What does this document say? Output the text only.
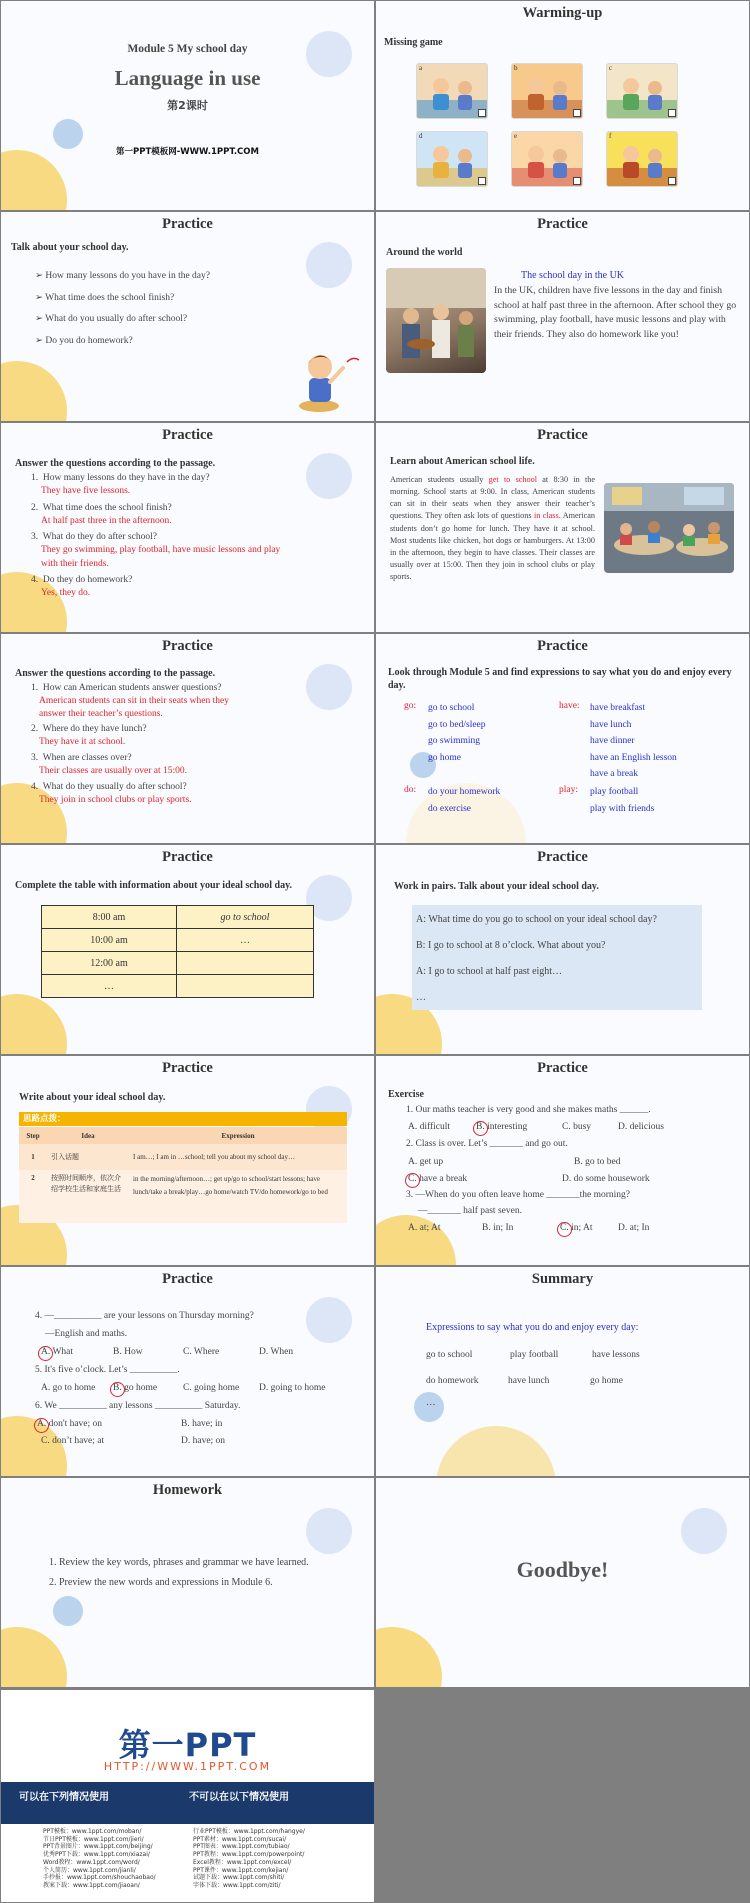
Module 5 My school day
Language in use
第2课时
第一PPT模板网-WWW.1PPT.COM
Warming-up
Missing game
a	b	c
d	e	f
Practice
Talk about your school day.
➢ How many lessons do you have in the day?
➢ What time does the school finish?
➢ What do you usually do after school?
➢ Do you do homework?
Practice
Around the world
The school day in the UK
In the UK, children have five lessons in the day and finish school at half past three in the afternoon. After school they go swimming, play football, have music lessons and play with their friends. They also do homework like you!
Practice
Answer the questions according to the passage.
1. How many lessons do they have in the day?
They have five lessons.
2. What time does the school finish?
At half past three in the afternoon.
3. What do they do after school?
They go swimming, play football, have music lessons and play with their friends.
4. Do they do homework?
Yes, they do.
Practice
Learn about American school life.
American students usually get to school at 8:30 in the morning. School starts at 9:00. In class, American students can sit in their seats when they answer their teacher’s questions. They often ask lots of questions in class. American students don’t go home for lunch. They have it at school. Most students like chicken, hot dogs or hamburgers. At 13:00 in the afternoon, they begin to have classes. Their classes are usually over at 15:00. Then they join in school clubs or play sports.
Practice
Answer the questions according to the passage.
1. How can American students answer questions?
American students can sit in their seats when they answer their teacher’s questions.
2. Where do they have lunch?
They have it at school.
3. When are classes over?
Their classes are usually over at 15:00.
4. What do they usually do after school?
They join in school clubs or play sports.
Practice
Look through Module 5 and find expressions to say what you do and enjoy every day.
go: go to school
go to bed/sleep
go swimming
go home
do: do your homework
do exercise
have: have breakfast
have lunch
have dinner
have an English lesson
have a break
play: play football
play with friends
Practice
Complete the table with information about your ideal school day.
8:00 am	go to school
10:00 am	…
12:00 am	
…	
Practice
Work in pairs. Talk about your ideal school day.
A: What time do you go to school on your ideal school day?
B: I go to school at 8 o’clock. What about you?
A: I go to school at half past eight…
…
Practice
Write about your ideal school day.
思路点拨：
Step	Idea	Expression
1	引入话题	I am…; I am in …school; tell you about my school day…
2	按照时间顺序，依次介绍学校生活和家庭生活	in the morning/afternoon…; get up/go to school/start lessons; have lunch/take a break/play…go home/watch TV/do homework/go to bed
Practice
Exercise
1. Our maths teacher is very good and she makes maths ______.
A. difficult	B. interesting	C. busy	D. delicious
2. Class is over. Let’s _______ and go out.
A. get up	B. go to bed
C. have a break	D. do some housework
3. —When do you often leave home _______the morning?
—_______ half past seven.
A. at; At	B. in; In	C. in; At	D. at; In
Practice
4. —__________ are your lessons on Thursday morning?
—English and maths.
A. What	B. How	C. Where	D. When
5. It's five o’clock. Let’s __________.
A. go to home B. go home	C. going home D. going to home
6. We __________ any lessons __________ Saturday.
A. don't have; on	B. have; in
C. don’t have; at	D. have; on
Summary
Expressions to say what you do and enjoy every day:
go to school	play football	have lessons
do homework	have lunch	go home
…
Homework
1. Review the key words, phrases and grammar we have learned.
2. Preview the new words and expressions in Module 6.
Goodbye!
第一PPT
HTTP://WWW.1PPT.COM
可以在下列情况使用	不可以在以下情况使用
PPT模板：www.1ppt.com/moban/
节日PPT模板：www.1ppt.com/jieri/
PPT背景图片：www.1ppt.com/beijing/
优秀PPT下载：www.1ppt.com/xiazai/
Word教程：www.1ppt.com/word/
个人简历：www.1ppt.com/jianli/
手抄报：www.1ppt.com/shouchaobao/
教案下载：www.1ppt.com/jiaoan/
行业PPT模板：www.1ppt.com/hangye/
PPT素材：www.1ppt.com/sucai/
PPT图表：www.1ppt.com/tubiao/
PPT教程：www.1ppt.com/powerpoint/
Excel教程：www.1ppt.com/excel/
PPT课件：www.1ppt.com/kejian/
试题下载：www.1ppt.com/shiti/
字体下载：www.1ppt.com/ziti/
